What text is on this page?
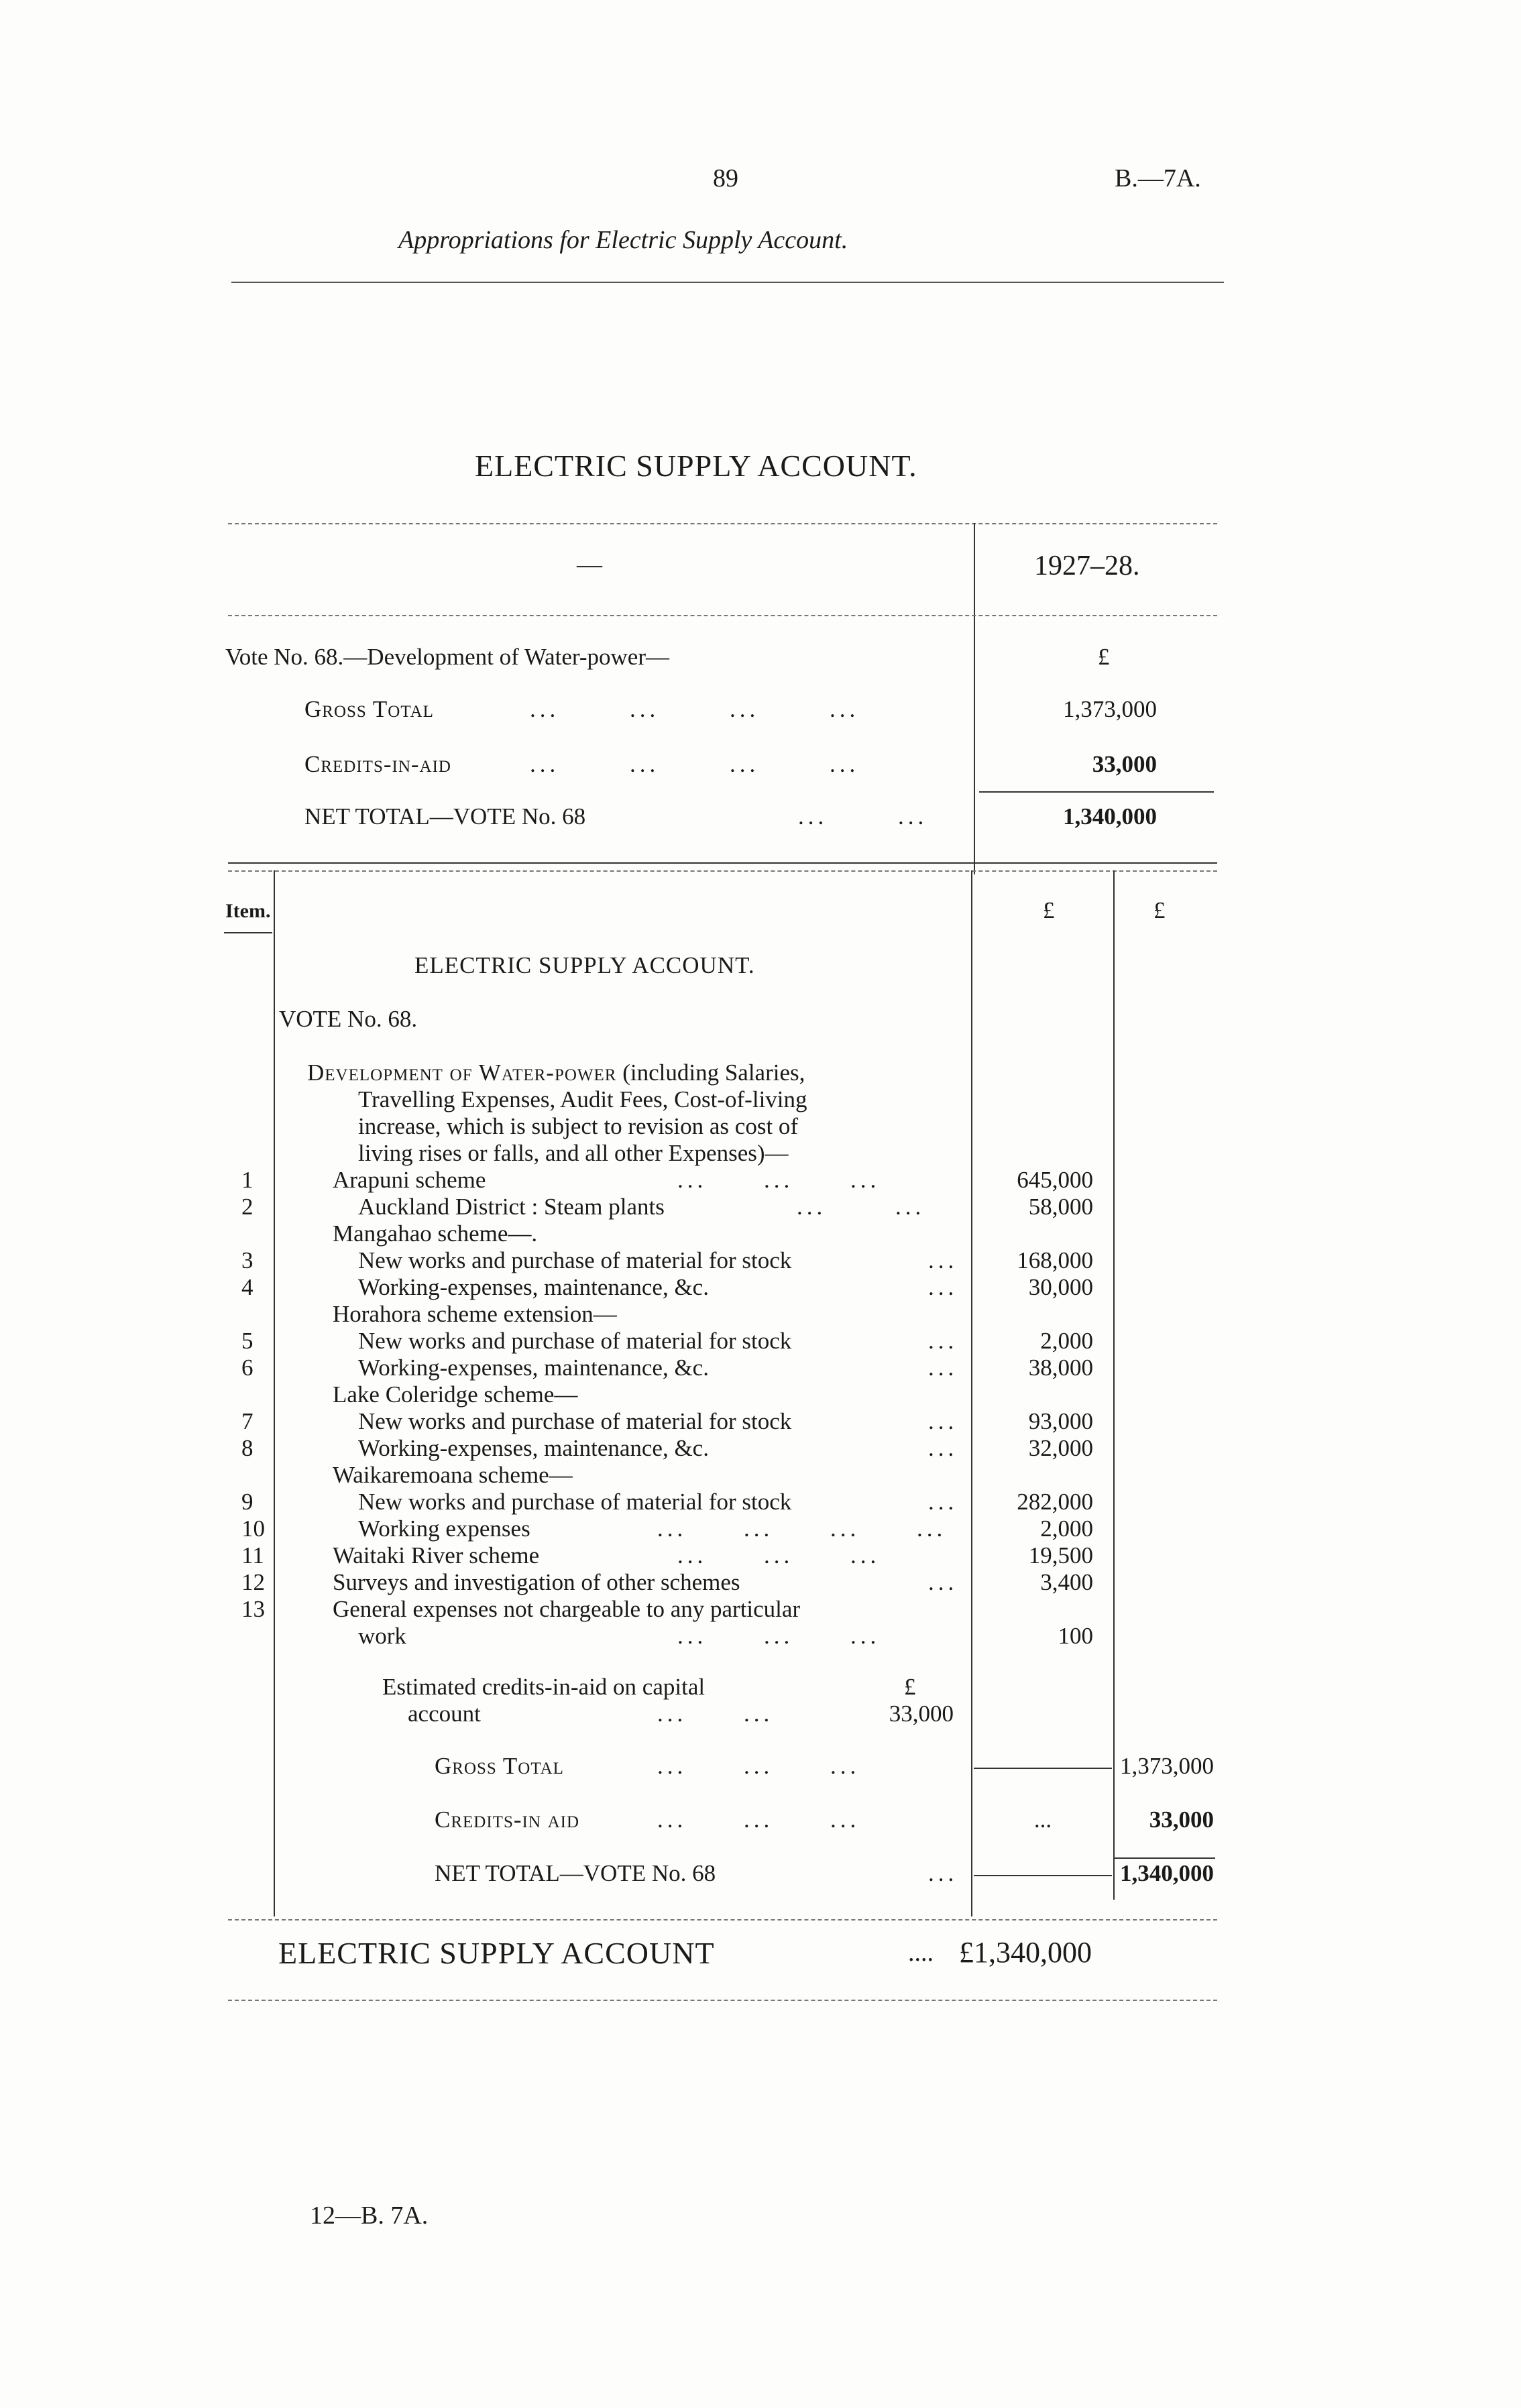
89	B.—7A.
Appropriations for Electric Supply Account.
ELECTRIC SUPPLY ACCOUNT.
—	1927–28.
Vote No. 68.—Development of Water-power—	£
Gross Total	... ... ... ...	1,373,000
Credits-in-aid	... ... ... ...	33,000
NET TOTAL—VOTE No. 68	... ...	1,340,000
Item.	£	£
ELECTRIC SUPPLY ACCOUNT.
VOTE No. 68.
Development of Water-power (including Salaries,
Travelling Expenses, Audit Fees, Cost-of-living
increase, which is subject to revision as cost of
living rises or falls, and all other Expenses)—
1	Arapuni scheme	... ... ...	645,000
2	Auckland District : Steam plants	... ...	58,000
Mangahao scheme—.
3	New works and purchase of material for stock	...	168,000
4	Working-expenses, maintenance, &c.	...	30,000
Horahora scheme extension—
5	New works and purchase of material for stock	...	2,000
6	Working-expenses, maintenance, &c.	...	38,000
Lake Coleridge scheme—
7	New works and purchase of material for stock	...	93,000
8	Working-expenses, maintenance, &c.	...	32,000
Waikaremoana scheme—
9	New works and purchase of material for stock	...	282,000
10	Working expenses	... ... ... ...	2,000
11	Waitaki River scheme	... ... ...	19,500
12	Surveys and investigation of other schemes	...	3,400
13	General expenses not chargeable to any particular
work	... ... ...	100
Estimated credits-in-aid on capital	£
account	... ...	33,000
Gross Total	... ... ...	1,373,000
Credits-in aid	... ... ...	...	33,000
NET TOTAL—VOTE No. 68	...	1,340,000
ELECTRIC SUPPLY ACCOUNT	.... £1,340,000
12—B. 7A.
